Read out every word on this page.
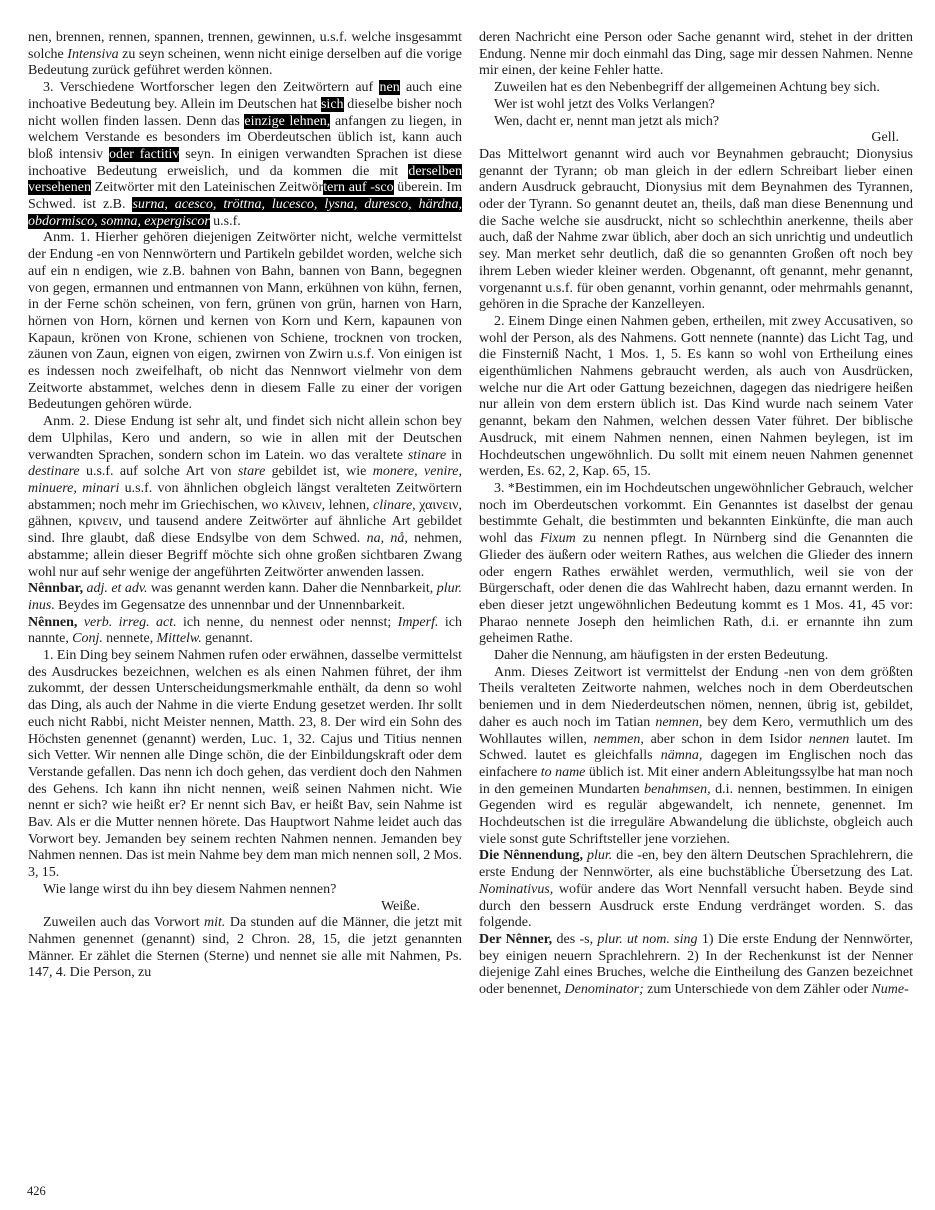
nen, brennen, rennen, spannen, trennen, gewinnen, u.s.f. welche insgesammt solche Intensiva zu seyn scheinen, wenn nicht einige derselben auf die vorige Bedeutung zurück geführet werden können.
3. Verschiedene Wortforscher legen den Zeitwörtern auf nen auch eine inchoative Bedeutung bey. Allein im Deutschen hat sich dieselbe bisher noch nicht wollen finden lassen. Denn das einzige lehnen, anfangen zu liegen, in welchem Verstande es besonders im Oberdeutschen üblich ist, kann auch bloß intensiv oder factitiv seyn. In einigen verwandten Sprachen ist diese inchoative Bedeutung erweislich, und da kommen die mit derselben versehenen Zeitwörter mit den Lateinischen Zeitwörtern auf -sco überein. Im Schwed. ist z.B. surna, acesco, tröttna, lucesco, lysna, duresco, härdna, obdormisco, somna, expergiscor u.s.f.
Anm. 1. Hierher gehören diejenigen Zeitwörter nicht, welche vermittelst der Endung -en von Nennwörtern und Partikeln gebildet worden, welche sich auf ein n endigen, wie z.B. bahnen von Bahn, bannen von Bann, begegnen von gegen, ermannen und entmannen von Mann, erkühnen von kühn, fernen, in der Ferne schön scheinen, von fern, grünen von grün, harnen von Harn, hörnen von Horn, körnen und kernen von Korn und Kern, kapaunen von Kapaun, krönen von Krone, schienen von Schiene, trocknen von trocken, zäunen von Zaun, eignen von eigen, zwirnen von Zwirn u.s.f. Von einigen ist es indessen noch zweifelhaft, ob nicht das Nennwort vielmehr von dem Zeitworte abstammet, welches denn in diesem Falle zu einer der vorigen Bedeutungen gehören würde.
Anm. 2. Diese Endung ist sehr alt, und findet sich nicht allein schon bey dem Ulphilas, Kero und andern, so wie in allen mit der Deutschen verwandten Sprachen, sondern schon im Latein. wo das veraltete stinare in destinare u.s.f. auf solche Art von stare gebildet ist, wie monere, venire, minuere, minari u.s.f. von ähnlichen obgleich längst veralteten Zeitwörtern abstammen; noch mehr im Griechischen, wo κλινειν, lehnen, clinare, χαινειν, gähnen, κρινειν, und tausend andere Zeitwörter auf ähnliche Art gebildet sind. Ihre glaubt, daß diese Endsylbe von dem Schwed. na, nå, nehmen, abstamme; allein dieser Begriff möchte sich ohne großen sichtbaren Zwang wohl nur auf sehr wenige der angeführten Zeitwörter anwenden lassen.
Nênnbar, adj. et adv. was genannt werden kann. Daher die Nennbarkeit, plur. inus. Beydes im Gegensatze des unnennbar und der Unnennbarkeit.
Nênnen, verb. irreg. act. ich nenne, du nennest oder nennst; Imperf. ich nannte, Conj. nennete, Mittelw. genannt.
1. Ein Ding bey seinem Nahmen rufen oder erwähnen, dasselbe vermittelst des Ausdruckes bezeichnen, welchen es als einen Nahmen führet, der ihm zukommt, der dessen Unterscheidungsmerkmahle enthält, da denn so wohl das Ding, als auch der Nahme in die vierte Endung gesetzet werden. Ihr sollt euch nicht Rabbi, nicht Meister nennen, Matth. 23, 8. Der wird ein Sohn des Höchsten genennet (genannt) werden, Luc. 1, 32. Cajus und Titius nennen sich Vetter. Wir nennen alle Dinge schön, die der Einbildungskraft oder dem Verstande gefallen. Das nenn ich doch gehen, das verdient doch den Nahmen des Gehens. Ich kann ihn nicht nennen, weiß seinen Nahmen nicht. Wie nennt er sich? wie heißt er? Er nennt sich Bav, er heißt Bav, sein Nahme ist Bav. Als er die Mutter nennen hörete. Das Hauptwort Nahme leidet auch das Vorwort bey. Jemanden bey seinem rechten Nahmen nennen. Jemanden bey Nahmen nennen. Das ist mein Nahme bey dem man mich nennen soll, 2 Mos. 3, 15.
Wie lange wirst du ihn bey diesem Nahmen nennen?
Weiße.
Zuweilen auch das Vorwort mit. Da stunden auf die Männer, die jetzt mit Nahmen genennet (genannt) sind, 2 Chron. 28, 15, die jetzt genannten Männer. Er zählet die Sternen (Sterne) und nennet sie alle mit Nahmen, Ps. 147, 4. Die Person, zu
deren Nachricht eine Person oder Sache genannt wird, stehet in der dritten Endung. Nenne mir doch einmahl das Ding, sage mir dessen Nahmen. Nenne mir einen, der keine Fehler hatte.
Zuweilen hat es den Nebenbegriff der allgemeinen Achtung bey sich.
Wer ist wohl jetzt des Volks Verlangen?
Wen, dacht er, nennt man jetzt als mich?
Gell.
Das Mittelwort genannt wird auch vor Beynahmen gebraucht; Dionysius genannt der Tyrann; ob man gleich in der edlern Schreibart lieber einen andern Ausdruck gebraucht, Dionysius mit dem Beynahmen des Tyrannen, oder der Tyrann. So genannt deutet an, theils, daß man diese Benennung und die Sache welche sie ausdruckt, nicht so schlechthin anerkenne, theils aber auch, daß der Nahme zwar üblich, aber doch an sich unrichtig und undeutlich sey. Man merket sehr deutlich, daß die so genannten Großen oft noch bey ihrem Leben wieder kleiner werden. Obgenannt, oft genannt, mehr genannt, vorgenannt u.s.f. für oben genannt, vorhin genannt, oder mehrmahls genannt, gehören in die Sprache der Kanzelleyen.
2. Einem Dinge einen Nahmen geben, ertheilen, mit zwey Accusativen, so wohl der Person, als des Nahmens. Gott nennete (nannte) das Licht Tag, und die Finsterniß Nacht, 1 Mos. 1, 5. Es kann so wohl von Ertheilung eines eigenthümlichen Nahmens gebraucht werden, als auch von Ausdrücken, welche nur die Art oder Gattung bezeichnen, dagegen das niedrigere heißen nur allein von dem erstern üblich ist. Das Kind wurde nach seinem Vater genannt, bekam den Nahmen, welchen dessen Vater führet. Der biblische Ausdruck, mit einem Nahmen nennen, einen Nahmen beylegen, ist im Hochdeutschen ungewöhnlich. Du sollt mit einem neuen Nahmen genennet werden, Es. 62, 2, Kap. 65, 15.
3. *Bestimmen, ein im Hochdeutschen ungewöhnlicher Gebrauch, welcher noch im Oberdeutschen vorkommt. Ein Genanntes ist daselbst der genau bestimmte Gehalt, die bestimmten und bekannten Einkünfte, die man auch wohl das Fixum zu nennen pflegt. In Nürnberg sind die Genannten die Glieder des äußern oder weitern Rathes, aus welchen die Glieder des innern oder engern Rathes erwählet werden, vermuthlich, weil sie von der Bürgerschaft, oder denen die das Wahlrecht haben, dazu ernannt werden. In eben dieser jetzt ungewöhnlichen Bedeutung kommt es 1 Mos. 41, 45 vor: Pharao nennete Joseph den heimlichen Rath, d.i. er ernannte ihn zum geheimen Rathe.
Daher die Nennung, am häufigsten in der ersten Bedeutung.
Anm. Dieses Zeitwort ist vermittelst der Endung -nen von dem größten Theils veralteten Zeitworte nahmen, welches noch in dem Oberdeutschen beniemen und in dem Niederdeutschen nömen, nennen, übrig ist, gebildet, daher es auch noch im Tatian nemnen, bey dem Kero, vermuthlich um des Wohllautes willen, nemmen, aber schon in dem Isidor nennen lautet. Im Schwed. lautet es gleichfalls nämna, dagegen im Englischen noch das einfachere to name üblich ist. Mit einer andern Ableitungssylbe hat man noch in den gemeinen Mundarten benahmsen, d.i. nennen, bestimmen. In einigen Gegenden wird es regulär abgewandelt, ich nennete, genennet. Im Hochdeutschen ist die irreguläre Abwandelung die üblichste, obgleich auch viele sonst gute Schriftsteller jene vorziehen.
Die Nênnendung, plur. die -en, bey den ältern Deutschen Sprachlehrern, die erste Endung der Nennwörter, als eine buchstäbliche Übersetzung des Lat. Nominativus, wofür andere das Wort Nennfall versucht haben. Beyde sind durch den bessern Ausdruck erste Endung verdränget worden. S. das folgende.
Der Nênner, des -s, plur. ut nom. sing 1) Die erste Endung der Nennwörter, bey einigen neuern Sprachlehrern. 2) In der Rechenkunst ist der Nenner diejenige Zahl eines Bruches, welche die Eintheilung des Ganzen bezeichnet oder benennet, Denominator; zum Unterschiede von dem Zähler oder Nume-
426
